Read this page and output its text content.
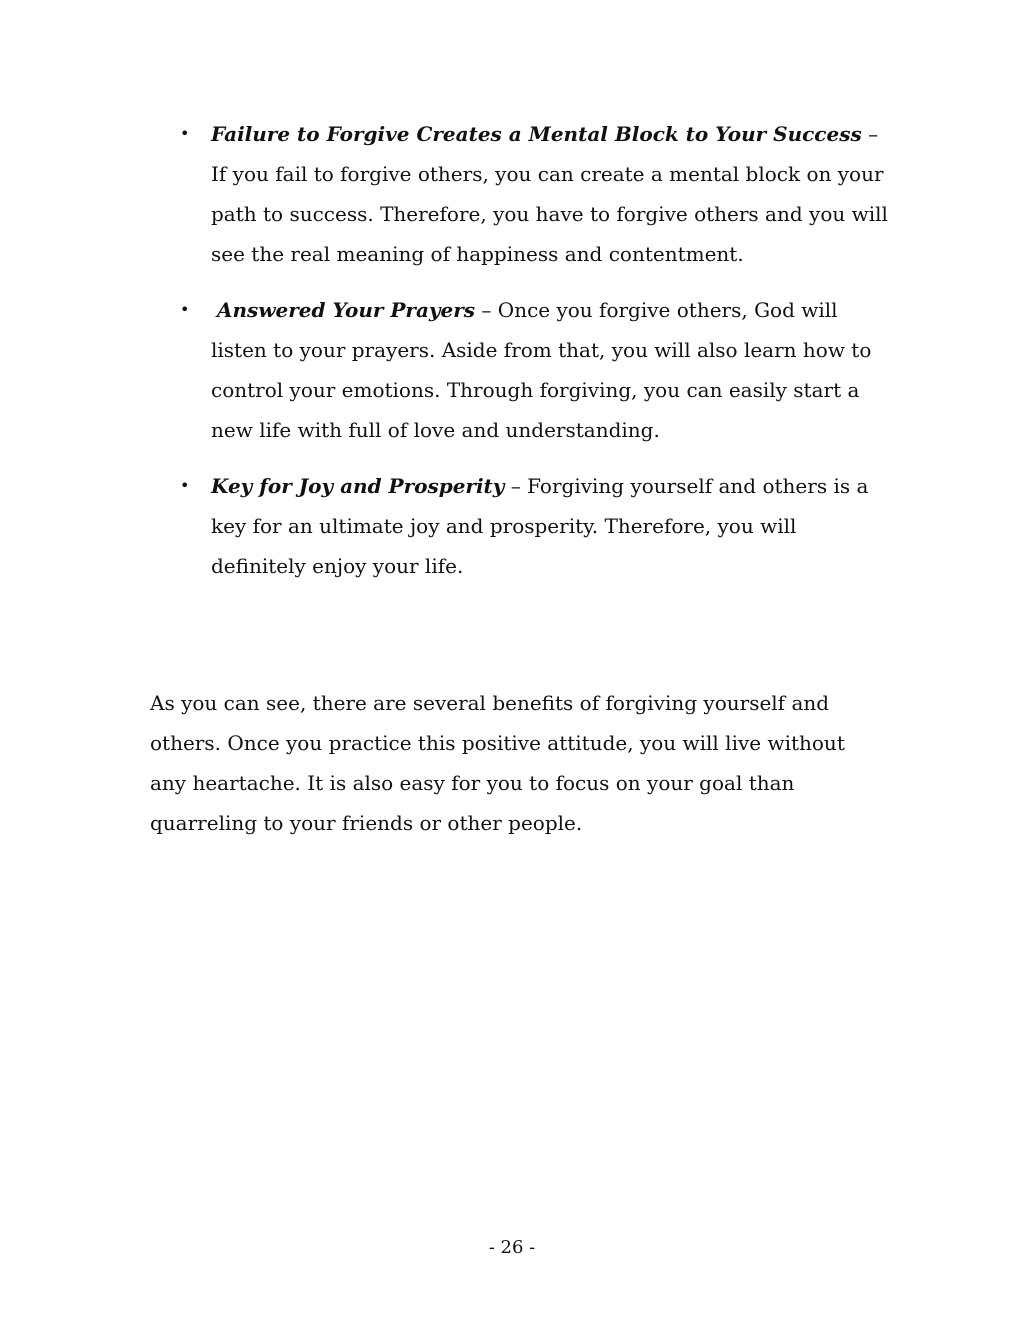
• Failure to Forgive Creates a Mental Block to Your Success – If you fail to forgive others, you can create a mental block on your path to success. Therefore, you have to forgive others and you will see the real meaning of happiness and contentment.
• Answered Your Prayers – Once you forgive others, God will listen to your prayers. Aside from that, you will also learn how to control your emotions. Through forgiving, you can easily start a new life with full of love and understanding.
• Key for Joy and Prosperity – Forgiving yourself and others is a key for an ultimate joy and prosperity. Therefore, you will definitely enjoy your life.

As you can see, there are several benefits of forgiving yourself and others. Once you practice this positive attitude, you will live without any heartache. It is also easy for you to focus on your goal than quarreling to your friends or other people.

- 26 -
